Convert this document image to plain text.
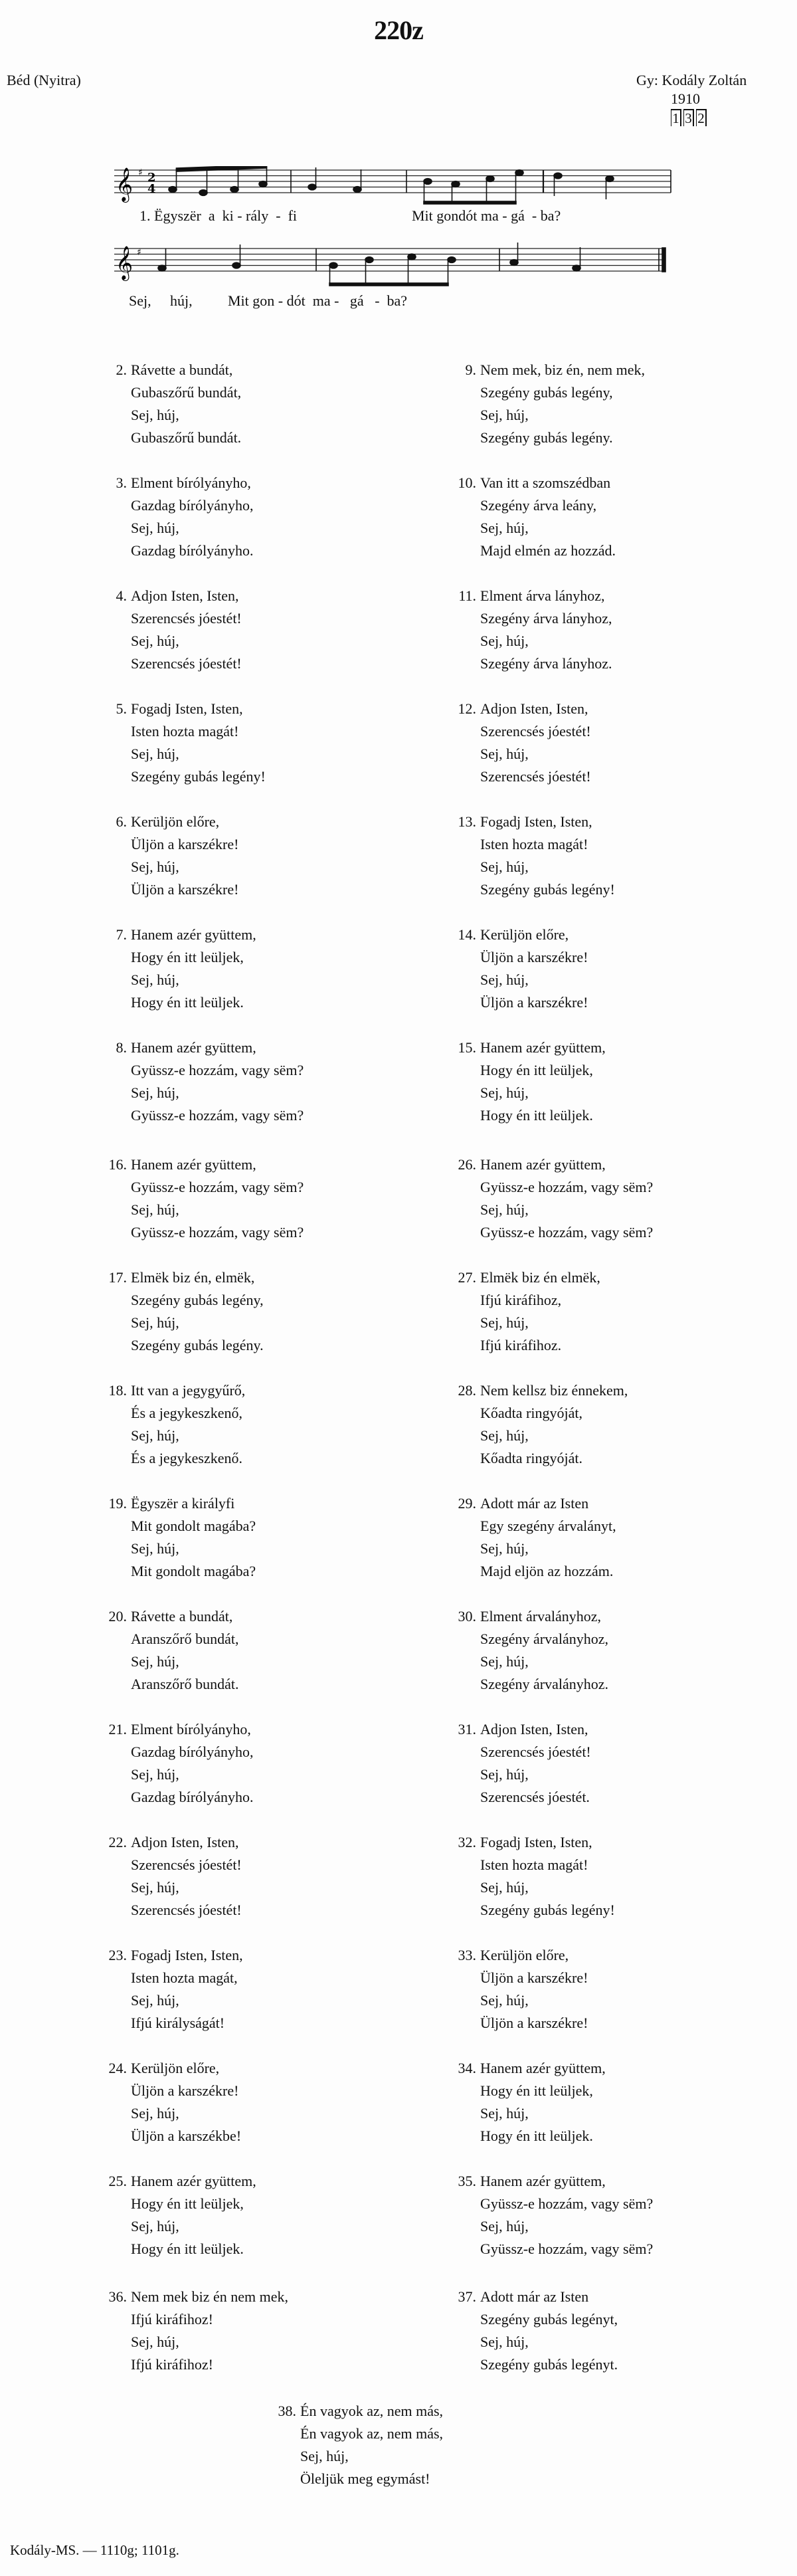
220z
Béd (Nyitra)	Gy: Kodály Zoltán
1910
1 3 2
𝄞 ♯ 2
4
1. Ëgyszër  a  ki - rály  -  fi	Mit gondót ma - gá  - ba?
𝄞 ♯
Sej, húj, Mit gon - dót  ma -   gá   -  ba?
2. Rávette a bundát,
Gubaszőrű bundát,
Sej, húj,
Gubaszőrű bundát.
3. Elment bírólyányho,
Gazdag bírólyányho,
Sej, húj,
Gazdag bírólyányho.
4. Adjon Isten, Isten,
Szerencsés jóestét!
Sej, húj,
Szerencsés jóestét!
5. Fogadj Isten, Isten,
Isten hozta magát!
Sej, húj,
Szegény gubás legény!
6. Kerüljön előre,
Üljön a karszékre!
Sej, húj,
Üljön a karszékre!
7. Hanem azér gyüttem,
Hogy én itt leüljek,
Sej, húj,
Hogy én itt leüljek.
8. Hanem azér gyüttem,
Gyüssz-e hozzám, vagy sëm?
Sej, húj,
Gyüssz-e hozzám, vagy sëm?
9. Nem mek, biz én, nem mek,
Szegény gubás legény,
Sej, húj,
Szegény gubás legény.
10. Van itt a szomszédban
Szegény árva leány,
Sej, húj,
Majd elmén az hozzád.
11. Elment árva lányhoz,
Szegény árva lányhoz,
Sej, húj,
Szegény árva lányhoz.
12. Adjon Isten, Isten,
Szerencsés jóestét!
Sej, húj,
Szerencsés jóestét!
13. Fogadj Isten, Isten,
Isten hozta magát!
Sej, húj,
Szegény gubás legény!
14. Kerüljön előre,
Üljön a karszékre!
Sej, húj,
Üljön a karszékre!
15. Hanem azér gyüttem,
Hogy én itt leüljek,
Sej, húj,
Hogy én itt leüljek.
16. Hanem azér gyüttem,
Gyüssz-e hozzám, vagy sëm?
Sej, húj,
Gyüssz-e hozzám, vagy sëm?
17. Elmëk biz én, elmëk,
Szegény gubás legény,
Sej, húj,
Szegény gubás legény.
18. Itt van a jegygyűrő,
És a jegykeszkenő,
Sej, húj,
És a jegykeszkenő.
19. Ëgyszër a királyfi
Mit gondolt magába?
Sej, húj,
Mit gondolt magába?
20. Rávette a bundát,
Aranszőrő bundát,
Sej, húj,
Aranszőrő bundát.
21. Elment bírólyányho,
Gazdag bírólyányho,
Sej, húj,
Gazdag bírólyányho.
22. Adjon Isten, Isten,
Szerencsés jóestét!
Sej, húj,
Szerencsés jóestét!
23. Fogadj Isten, Isten,
Isten hozta magát,
Sej, húj,
Ifjú királyságát!
24. Kerüljön előre,
Üljön a karszékre!
Sej, húj,
Üljön a karszékbe!
25. Hanem azér gyüttem,
Hogy én itt leüljek,
Sej, húj,
Hogy én itt leüljek.
26. Hanem azér gyüttem,
Gyüssz-e hozzám, vagy sëm?
Sej, húj,
Gyüssz-e hozzám, vagy sëm?
27. Elmëk biz én elmëk,
Ifjú kiráfihoz,
Sej, húj,
Ifjú kiráfihoz.
28. Nem kellsz biz énnekem,
Kőadta ringyóját,
Sej, húj,
Kőadta ringyóját.
29. Adott már az Isten
Egy szegény árvalányt,
Sej, húj,
Majd eljön az hozzám.
30. Elment árvalányhoz,
Szegény árvalányhoz,
Sej, húj,
Szegény árvalányhoz.
31. Adjon Isten, Isten,
Szerencsés jóestét!
Sej, húj,
Szerencsés jóestét.
32. Fogadj Isten, Isten,
Isten hozta magát!
Sej, húj,
Szegény gubás legény!
33. Kerüljön előre,
Üljön a karszékre!
Sej, húj,
Üljön a karszékre!
34. Hanem azér gyüttem,
Hogy én itt leüljek,
Sej, húj,
Hogy én itt leüljek.
35. Hanem azér gyüttem,
Gyüssz-e hozzám, vagy sëm?
Sej, húj,
Gyüssz-e hozzám, vagy sëm?
36. Nem mek biz én nem mek,
Ifjú kiráfihoz!
Sej, húj,
Ifjú kiráfihoz!
37. Adott már az Isten
Szegény gubás legényt,
Sej, húj,
Szegény gubás legényt.
38. Én vagyok az, nem más,
Én vagyok az, nem más,
Sej, húj,
Öleljük meg egymást!
Kodály-MS. — 1110g; 1101g.
